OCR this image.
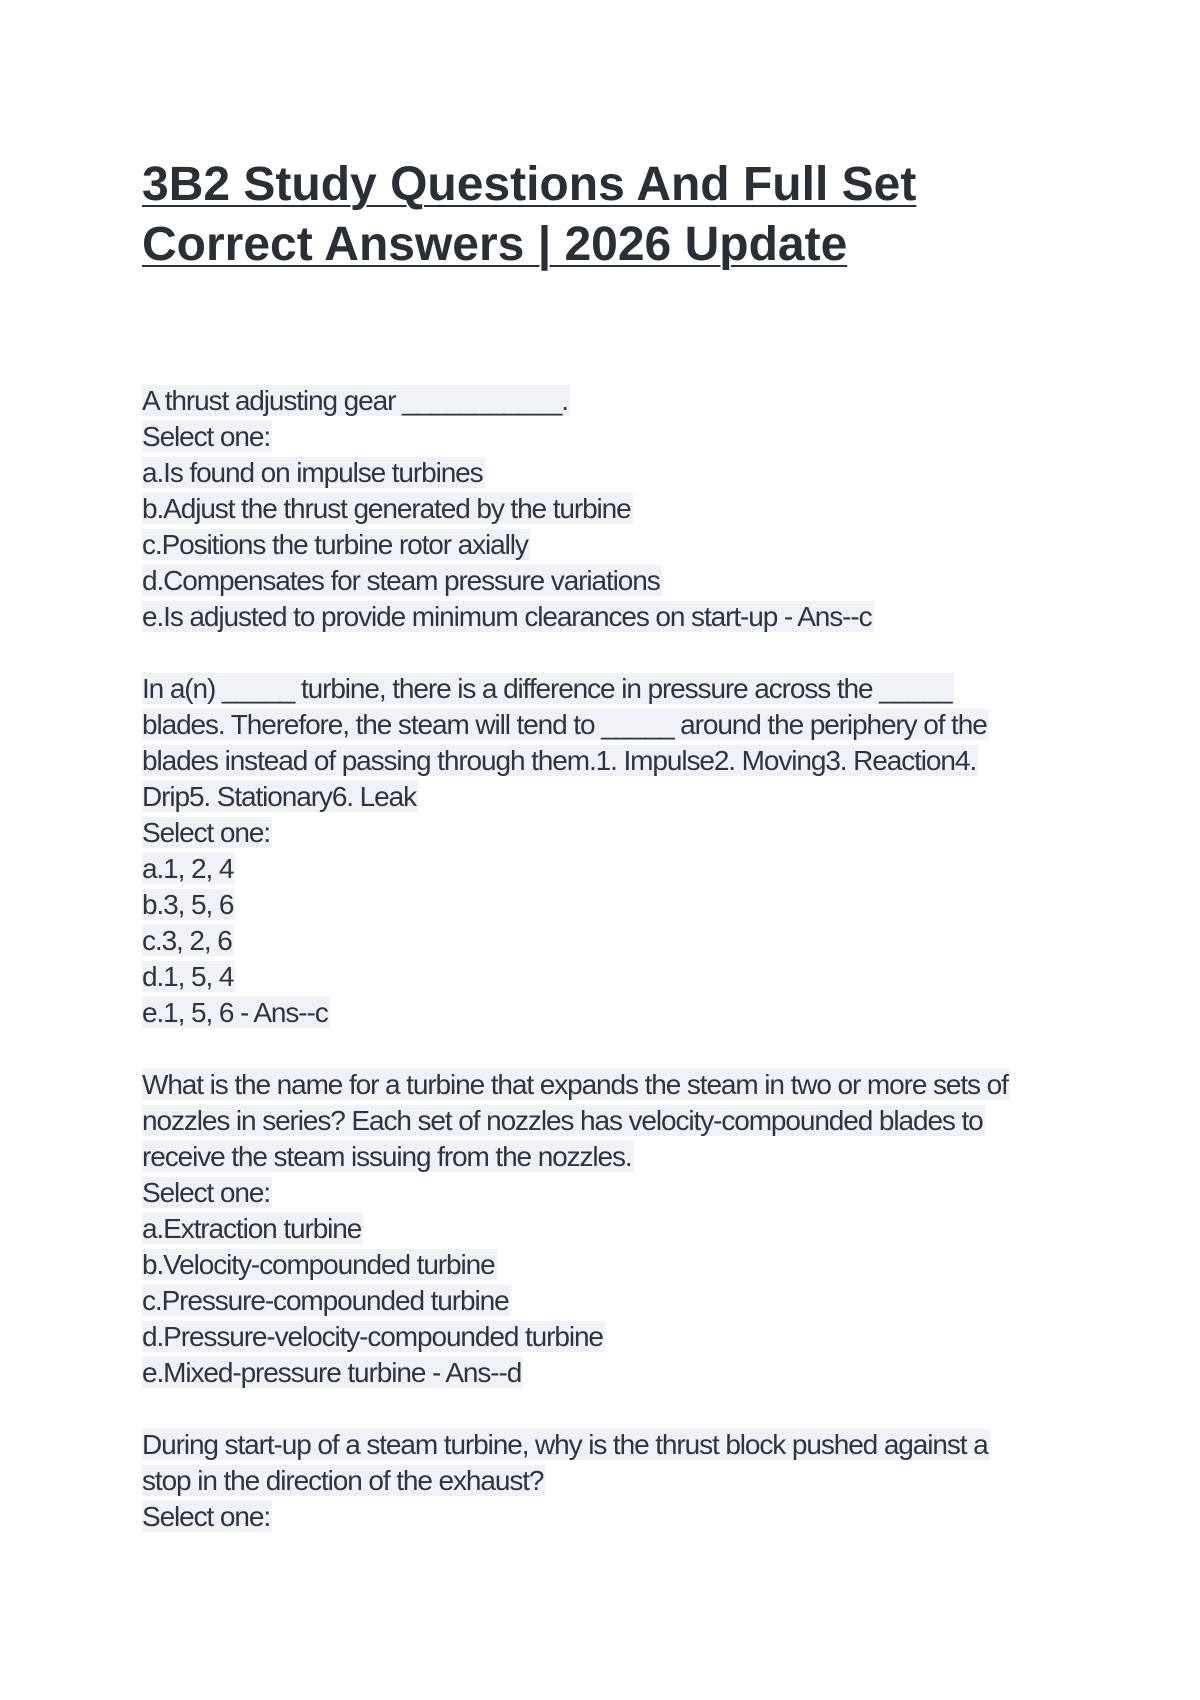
3B2 Study Questions And Full Set
Correct Answers | 2026 Update
A thrust adjusting gear ___________.
Select one:
a.Is found on impulse turbines
b.Adjust the thrust generated by the turbine
c.Positions the turbine rotor axially
d.Compensates for steam pressure variations
e.Is adjusted to provide minimum clearances on start-up - Ans--c
In a(n) _____ turbine, there is a difference in pressure across the _____
blades. Therefore, the steam will tend to _____ around the periphery of the
blades instead of passing through them.1. Impulse2. Moving3. Reaction4.
Drip5. Stationary6. Leak
Select one:
a.1, 2, 4
b.3, 5, 6
c.3, 2, 6
d.1, 5, 4
e.1, 5, 6 - Ans--c
What is the name for a turbine that expands the steam in two or more sets of
nozzles in series? Each set of nozzles has velocity-compounded blades to
receive the steam issuing from the nozzles.
Select one:
a.Extraction turbine
b.Velocity-compounded turbine
c.Pressure-compounded turbine
d.Pressure-velocity-compounded turbine
e.Mixed-pressure turbine - Ans--d
During start-up of a steam turbine, why is the thrust block pushed against a
stop in the direction of the exhaust?
Select one:
